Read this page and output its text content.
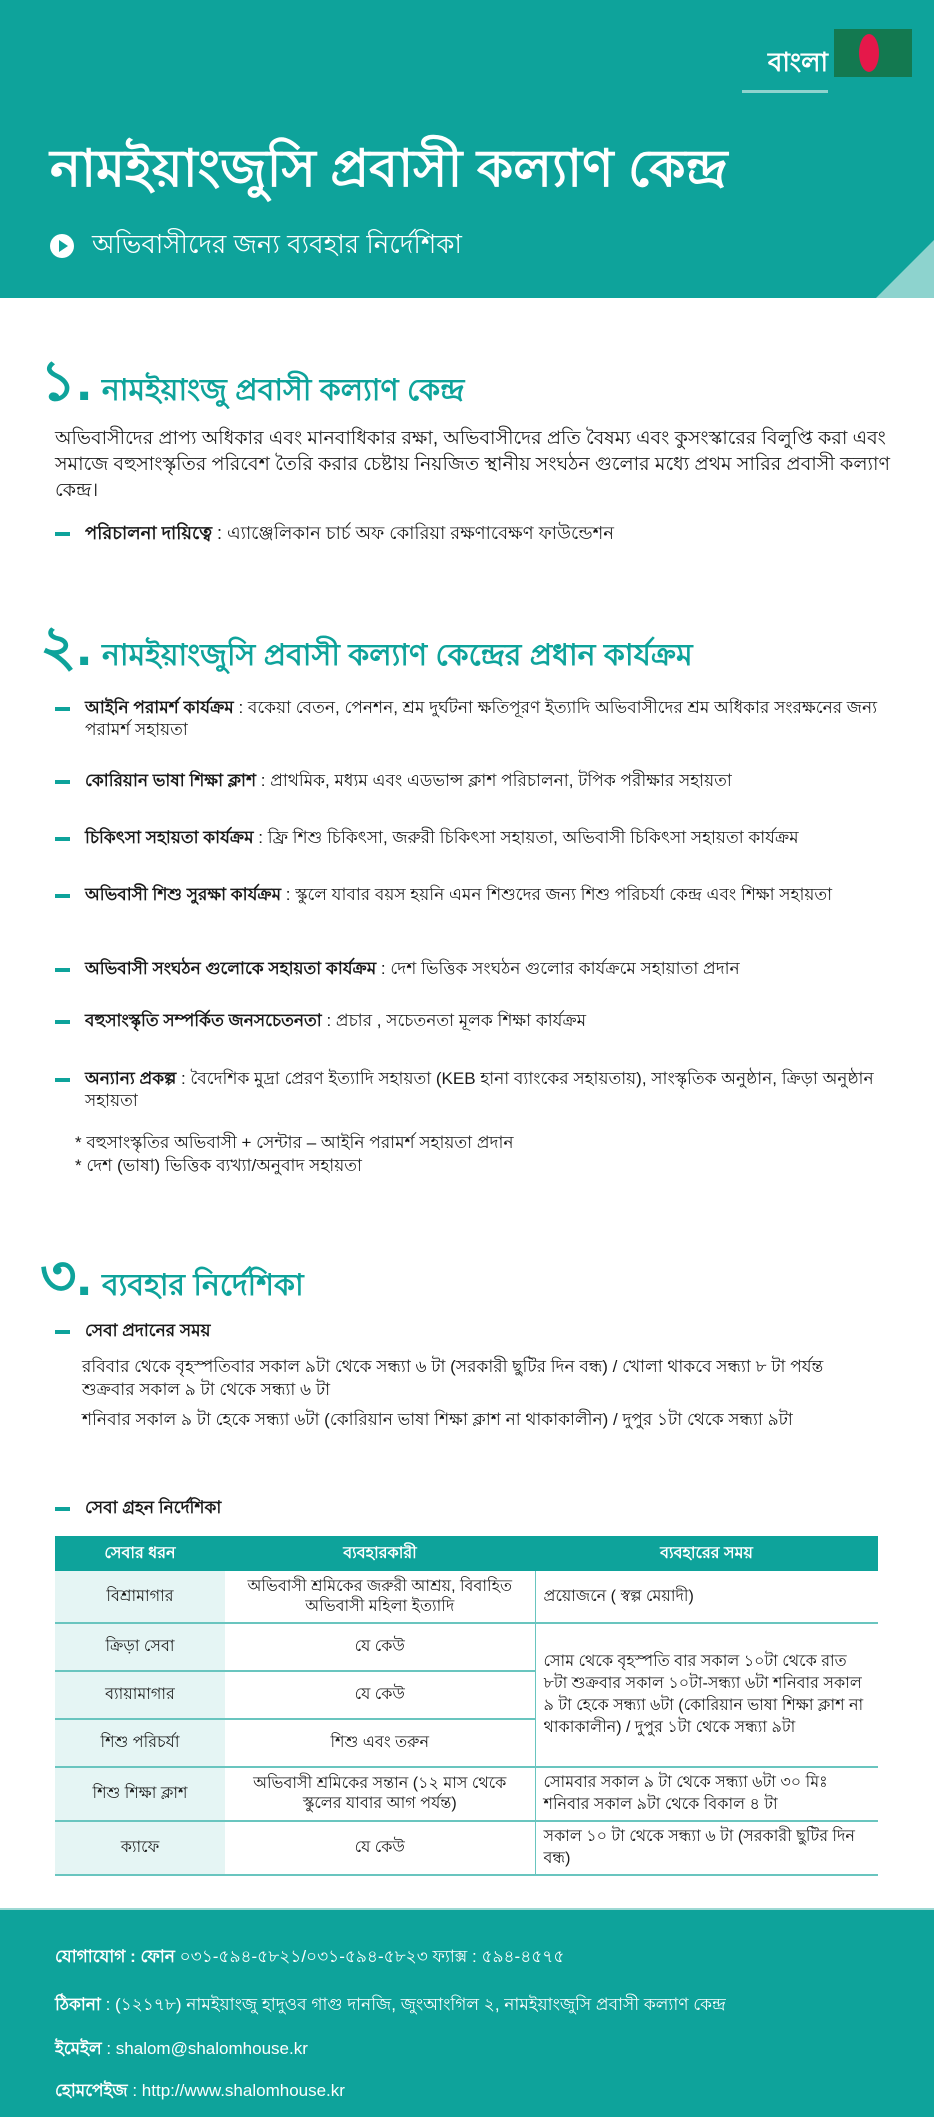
বাংলা
নামইয়াংজুসি প্রবাসী কল্যাণ কেন্দ্র
অভিবাসীদের জন্য ব্যবহার নির্দেশিকা
১. নামইয়াংজু প্রবাসী কল্যাণ কেন্দ্র

অভিবাসীদের প্রাপ্য অধিকার এবং মানবাধিকার রক্ষা, অভিবাসীদের প্রতি বৈষম্য এবং কুসংস্কারের বিলুপ্তি করা এবং সমাজে বহুসাংস্কৃতির পরিবেশ তৈরি করার চেষ্টায় নিয়জিত স্থানীয় সংঘঠন গুলোর মধ্যে প্রথম সারির প্রবাসী কল্যাণ কেন্দ্র।

পরিচালনা দায়িত্বে : এ্যাঞ্জেলিকান চার্চ অফ কোরিয়া রক্ষণাবেক্ষণ ফাউন্ডেশন
২. নামইয়াংজুসি প্রবাসী কল্যাণ কেন্দ্রের প্রধান কার্যক্রম
আইনি পরামর্শ কার্যক্রম : বকেয়া বেতন, পেনশন, শ্রম দুর্ঘটনা ক্ষতিপূরণ ইত্যাদি অভিবাসীদের শ্রম অধিকার সংরক্ষনের জন্য পরামর্শ সহায়তা
কোরিয়ান ভাষা শিক্ষা ক্লাশ : প্রাথমিক, মধ্যম এবং এডভান্স ক্লাশ পরিচালনা, টপিক পরীক্ষার সহায়তা
চিকিৎসা সহায়তা কার্যক্রম : ফ্রি শিশু চিকিৎসা, জরুরী চিকিৎসা সহায়তা, অভিবাসী চিকিৎসা সহায়তা কার্যক্রম
অভিবাসী শিশু সুরক্ষা কার্যক্রম : স্কুলে যাবার বয়স হয়নি এমন শিশুদের জন্য শিশু পরিচর্যা কেন্দ্র এবং শিক্ষা সহায়তা
অভিবাসী সংঘঠন গুলোকে সহায়তা কার্যক্রম : দেশ ভিত্তিক সংঘঠন গুলোর কার্যক্রমে সহায়াতা প্রদান
বহুসাংস্কৃতি সম্পর্কিত জনসচেতনতা : প্রচার , সচেতনতা মূলক শিক্ষা কার্যক্রম
অন্যান্য প্রকল্প : বৈদেশিক মুদ্রা প্রেরণ ইত্যাদি সহায়তা (KEB হানা ব্যাংকের সহায়তায়), সাংস্কৃতিক অনুষ্ঠান, ক্রিড়া অনুষ্ঠান সহায়তা
* বহুসাংস্কৃতির অভিবাসী + সেন্টার – আইনি পরামর্শ সহায়তা প্রদান
* দেশ (ভাষা) ভিত্তিক ব্যখ্যা/অনুবাদ সহায়তা
৩. ব্যবহার নির্দেশিকা
সেবা প্রদানের সময়
রবিবার থেকে বৃহস্পতিবার সকাল ৯টা থেকে সন্ধ্যা ৬ টা (সরকারী ছুটির দিন বন্ধ) / খোলা থাকবে সন্ধ্যা ৮ টা পর্যন্ত
শুক্রবার সকাল ৯ টা থেকে সন্ধ্যা ৬ টা
শনিবার সকাল ৯ টা হেকে সন্ধ্যা ৬টা (কোরিয়ান ভাষা শিক্ষা ক্লাশ না থাকাকালীন) / দুপুর ১টা থেকে সন্ধ্যা ৯টা
সেবা গ্রহন নির্দেশিকা
সেবার ধরন	ব্যবহারকারী	ব্যবহারের সময়
বিশ্রামাগার	অভিবাসী শ্রমিকের জরুরী আশ্রয়, বিবাহিত অভিবাসী মহিলা ইত্যাদি	প্রয়োজনে ( স্বল্প মেয়াদী)
ক্রিড়া সেবা	যে কেউ	সোম থেকে বৃহস্পতি বার সকাল ১০টা থেকে রাত ৮টা শুক্রবার সকাল ১০টা-সন্ধ্যা ৬টা শনিবার সকাল ৯ টা হেকে সন্ধ্যা ৬টা (কোরিয়ান ভাষা শিক্ষা ক্লাশ না থাকাকালীন) / দুপুর ১টা থেকে সন্ধ্যা ৯টা
ব্যায়ামাগার	যে কেউ	
শিশু পরিচর্যা	শিশু এবং তরুন	
শিশু শিক্ষা ক্লাশ	অভিবাসী শ্রমিকের সন্তান (১২ মাস থেকে স্কুলের যাবার আগ পর্যন্ত)	সোমবার সকাল ৯ টা থেকে সন্ধ্যা ৬টা ৩০ মিঃ শনিবার সকাল ৯টা থেকে বিকাল ৪ টা
ক্যাফে	যে কেউ	সকাল ১০ টা থেকে সন্ধ্যা ৬ টা (সরকারী ছুটির দিন বন্ধ)
যোগাযোগ : ফোন ০৩১-৫৯৪-৫৮২১/০৩১-৫৯৪-৫৮২৩ ফ্যাক্স : ৫৯৪-৪৫৭৫
ঠিকানা : (১২১৭৮) নামইয়াংজু হাদুওব গাগু দানজি, জুংআংগিল ২, নামইয়াংজুসি প্রবাসী কল্যাণ কেন্দ্র
ইমেইল : shalom@shalomhouse.kr
হোমপেইজ : http://www.shalomhouse.kr
